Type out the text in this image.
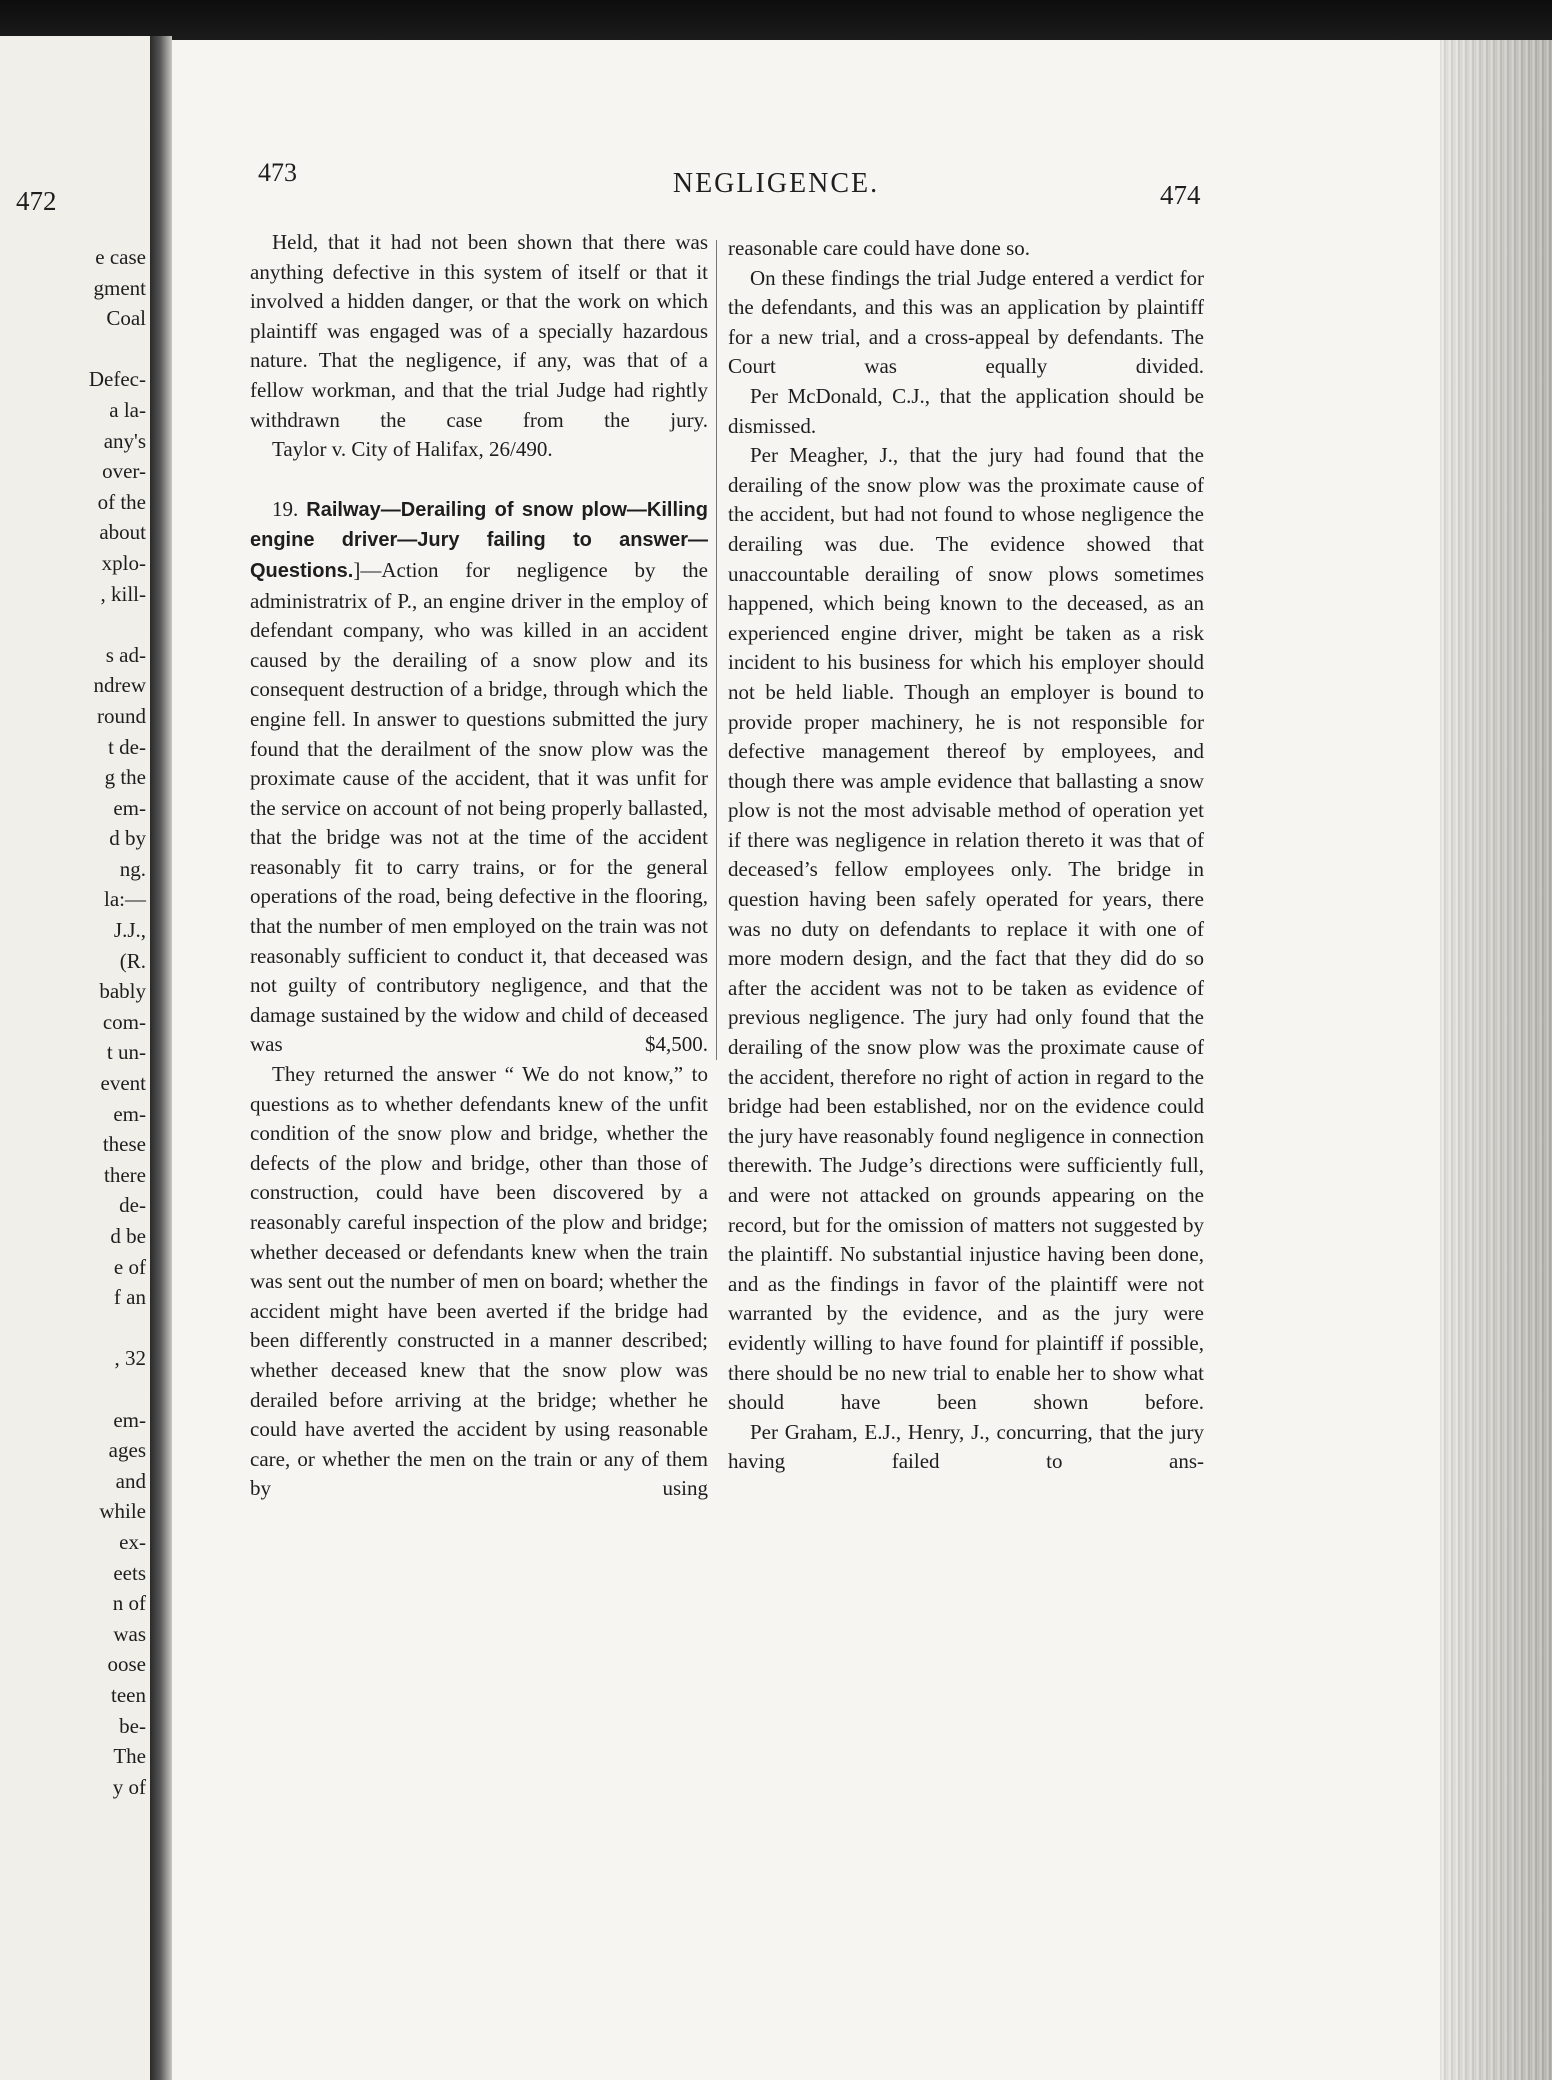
472
e case
gment
Coal

Defec-
a la-
any's
over-
of the
about
xplo-
, kill-

s ad-
ndrew
round
t de-
g the
em-
d by
ng.
la:—
J.J.,
(R.
bably
com-
t un-
event
em-
these
there
de-
d be
e of
f an

, 32

em-
ages
and
while
ex-
eets
n of
was
oose
teen
be-
The
y of
473	NEGLIGENCE.	474

Held, that it had not been shown that there was anything defective in this system of itself or that it involved a hidden danger, or that the work on which plaintiff was engaged was of a specially hazardous nature. That the negligence, if any, was that of a fellow workman, and that the trial Judge had rightly withdrawn the case from the jury.

Taylor v. City of Halifax, 26/490.

19. Railway—Derailing of snow plow—Killing engine driver—Jury failing to answer—Questions.]—Action for negligence by the administratrix of P., an engine driver in the employ of defendant company, who was killed in an accident caused by the derailing of a snow plow and its consequent destruction of a bridge, through which the engine fell. In answer to questions submitted the jury found that the derailment of the snow plow was the proximate cause of the accident, that it was unfit for the service on account of not being properly ballasted, that the bridge was not at the time of the accident reasonably fit to carry trains, or for the general operations of the road, being defective in the flooring, that the number of men employed on the train was not reasonably sufficient to conduct it, that deceased was not guilty of contributory negligence, and that the damage sustained by the widow and child of deceased was $4,500.

They returned the answer “ We do not know,” to questions as to whether defendants knew of the unfit condition of the snow plow and bridge, whether the defects of the plow and bridge, other than those of construction, could have been discovered by a reasonably careful inspection of the plow and bridge; whether deceased or defendants knew when the train was sent out the number of men on board; whether the accident might have been averted if the bridge had been differently constructed in a manner described; whether deceased knew that the snow plow was derailed before arriving at the bridge; whether he could have averted the accident by using reasonable care, or whether the men on the train or any of them by using

reasonable care could have done so.

On these findings the trial Judge entered a verdict for the defendants, and this was an application by plaintiff for a new trial, and a cross-appeal by defendants. The Court was equally divided.

Per McDonald, C.J., that the application should be dismissed.

Per Meagher, J., that the jury had found that the derailing of the snow plow was the proximate cause of the accident, but had not found to whose negligence the derailing was due. The evidence showed that unaccountable derailing of snow plows sometimes happened, which being known to the deceased, as an experienced engine driver, might be taken as a risk incident to his business for which his employer should not be held liable. Though an employer is bound to provide proper machinery, he is not responsible for defective management thereof by employees, and though there was ample evidence that ballasting a snow plow is not the most advisable method of operation yet if there was negligence in relation thereto it was that of deceased’s fellow employees only. The bridge in question having been safely operated for years, there was no duty on defendants to replace it with one of more modern design, and the fact that they did do so after the accident was not to be taken as evidence of previous negligence. The jury had only found that the derailing of the snow plow was the proximate cause of the accident, therefore no right of action in regard to the bridge had been established, nor on the evidence could the jury have reasonably found negligence in connection therewith. The Judge’s directions were sufficiently full, and were not attacked on grounds appearing on the record, but for the omission of matters not suggested by the plaintiff. No substantial injustice having been done, and as the findings in favor of the plaintiff were not warranted by the evidence, and as the jury were evidently willing to have found for plaintiff if possible, there should be no new trial to enable her to show what should have been shown before.

Per Graham, E.J., Henry, J., concurring, that the jury having failed to ans-
